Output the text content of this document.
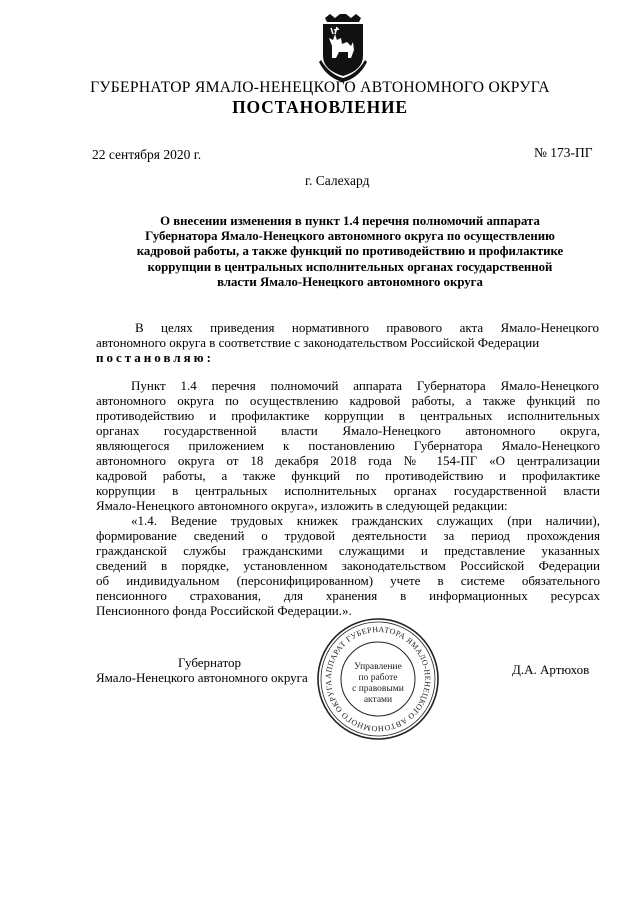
ГУБЕРНАТОР ЯМАЛО-НЕНЕЦКОГО АВТОНОМНОГО ОКРУГА
ПОСТАНОВЛЕНИЕ
22 сентября 2020 г.	№ 173-ПГ
г. Салехард
О внесении изменения в пункт 1.4 перечня полномочий аппарата
Губернатора Ямало-Ненецкого автономного округа по осуществлению
кадровой работы, а также функций по противодействию и профилактике
коррупции в центральных исполнительных органах государственной
власти Ямало-Ненецкого автономного округа
В целях приведения нормативного правового акта Ямало-Ненецкого
автономного округа в соответствие с законодательством Российской Федерации
постановляю:
Пункт 1.4 перечня полномочий аппарата Губернатора Ямало-Ненецкого
автономного округа по осуществлению кадровой работы, а также функций по
противодействию и профилактике коррупции в центральных исполнительных
органах государственной власти Ямало-Ненецкого автономного округа,
являющегося приложением к постановлению Губернатора Ямало-Ненецкого
автономного округа от 18 декабря 2018 года № 154-ПГ «О централизации
кадровой работы, а также функций по противодействию и профилактике
коррупции в центральных исполнительных органах государственной власти
Ямало-Ненецкого автономного округа», изложить в следующей редакции:
«1.4. Ведение трудовых книжек гражданских служащих (при наличии),
формирование сведений о трудовой деятельности за период прохождения
гражданской службы гражданскими служащими и представление указанных
сведений в порядке, установленном законодательством Российской Федерации
об индивидуальном (персонифицированном) учете в системе обязательного
пенсионного страхования, для хранения в информационных ресурсах
Пенсионного фонда Российской Федерации.».
Губернатор
Ямало-Ненецкого автономного округа
Д.А. Артюхов
АППАРАТ ГУБЕРНАТОРА ЯМАЛО-НЕНЕЦКОГО АВТОНОМНОГО ОКРУГА
Управление
по работе
с правовыми
актами
